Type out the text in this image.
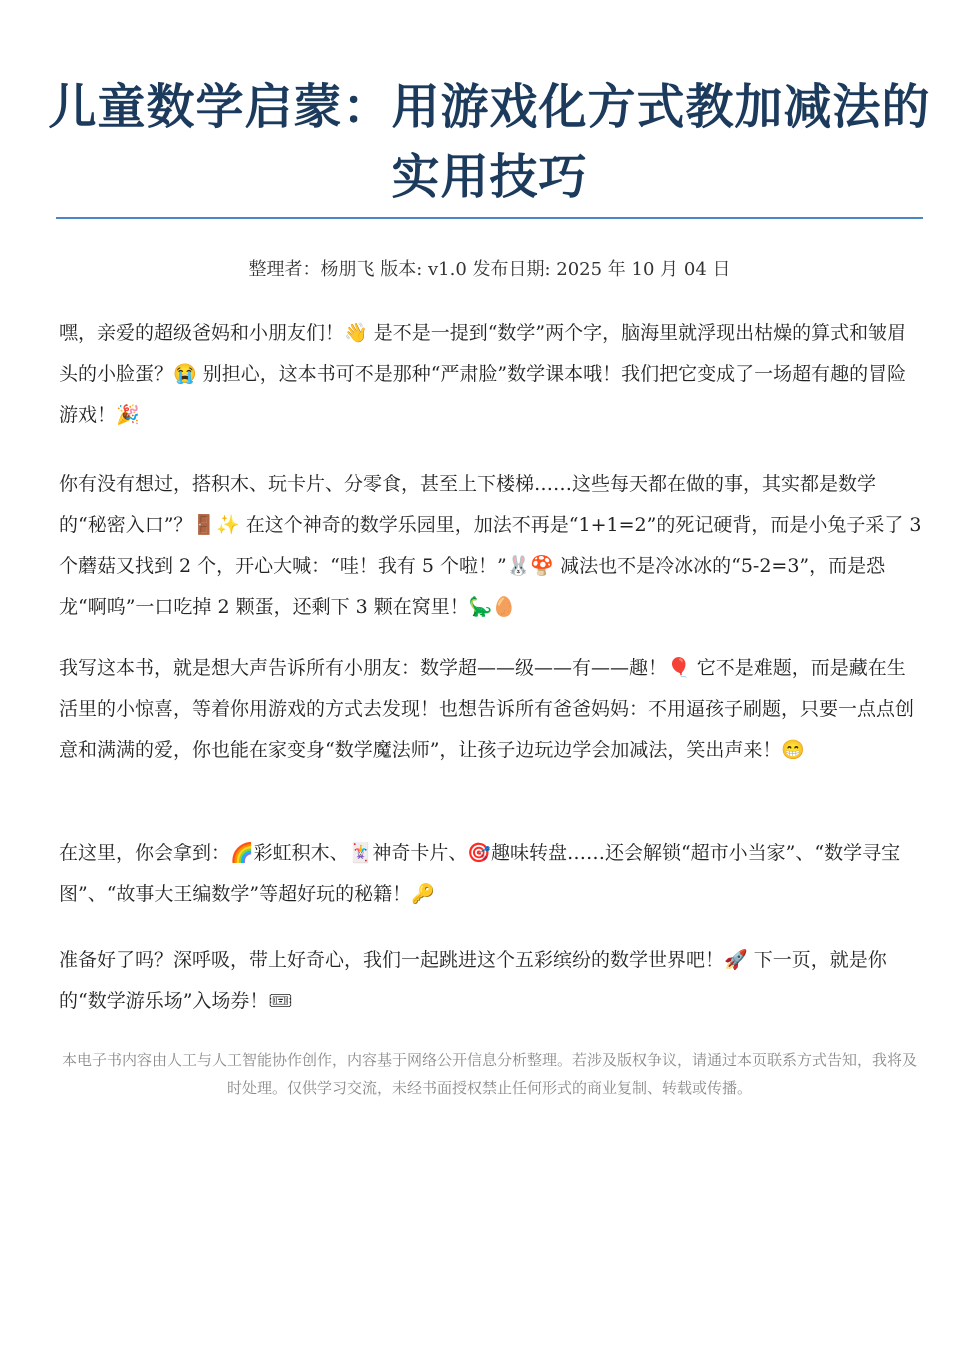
儿童数学启蒙：用游戏化方式教加减法的实用技巧
整理者：杨朋飞 版本: v1.0 发布日期: 2025 年 10 月 04 日

嘿，亲爱的超级爸妈和小朋友们！👋 是不是一提到“数学”两个字，脑海里就浮现出枯燥的算式和皱眉头的小脸蛋？😭 别担心，这本书可不是那种“严肃脸”数学课本哦！我们把它变成了一场超有趣的冒险游戏！🎉

你有没有想过，搭积木、玩卡片、分零食，甚至上下楼梯……这些每天都在做的事，其实都是数学的“秘密入口”？🚪✨ 在这个神奇的数学乐园里，加法不再是“1+1=2”的死记硬背，而是小兔子采了 3 个蘑菇又找到 2 个，开心大喊：“哇！我有 5 个啦！”🐰🍄 减法也不是冷冰冰的“5-2=3”，而是恐龙“啊呜”一口吃掉 2 颗蛋，还剩下 3 颗在窝里！🦕🥚

我写这本书，就是想大声告诉所有小朋友：数学超——级——有——趣！🎈 它不是难题，而是藏在生活里的小惊喜，等着你用游戏的方式去发现！也想告诉所有爸爸妈妈：不用逼孩子刷题，只要一点点创意和满满的爱，你也能在家变身“数学魔法师”，让孩子边玩边学会加减法，笑出声来！😁

在这里，你会拿到：🌈彩虹积木、🃏神奇卡片、🎯趣味转盘……还会解锁“超市小当家”、“数学寻宝图”、“故事大王编数学”等超好玩的秘籍！🔑

准备好了吗？深呼吸，带上好奇心，我们一起跳进这个五彩缤纷的数学世界吧！🚀 下一页，就是你的“数学游乐场”入场券！🎟

本电子书内容由人工与人工智能协作创作，内容基于网络公开信息分析整理。若涉及版权争议，请通过本页联系方式告知，我将及时处理。仅供学习交流，未经书面授权禁止任何形式的商业复制、转载或传播。
